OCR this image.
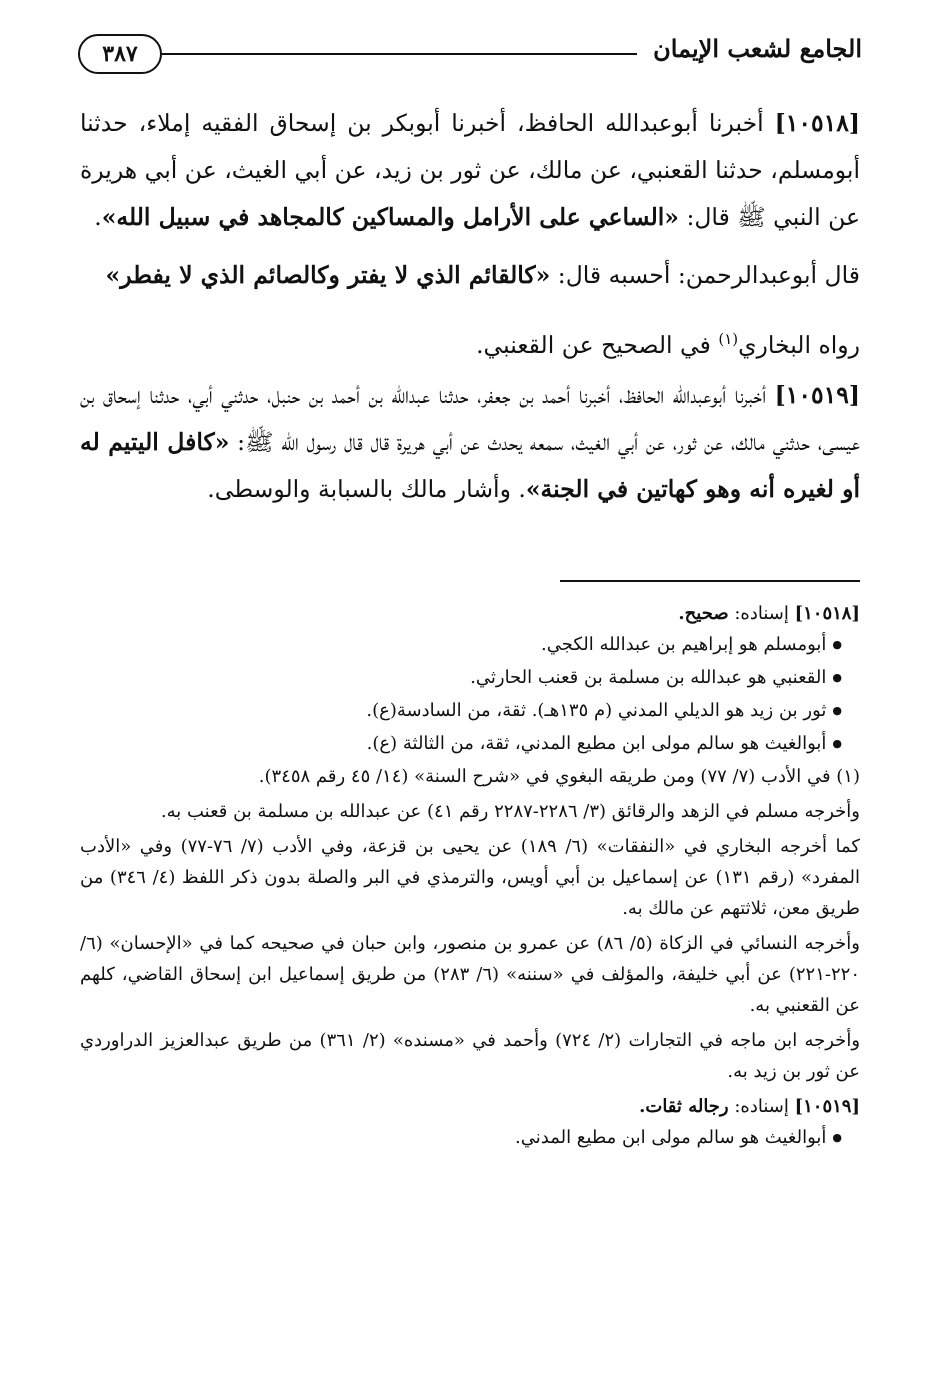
٣٨٧	الجامع لشعب الإيمان

[١٠٥١٨] أخبرنا أبوعبدالله الحافظ، أخبرنا أبوبكر بن إسحاق الفقيه إملاء، حدثنا أبومسلم، حدثنا القعنبي، عن مالك، عن ثور بن زيد، عن أبي الغيث، عن أبي هريرة عن النبي ﷺ قال: «الساعي على الأرامل والمساكين كالمجاهد في سبيل الله».

قال أبوعبدالرحمن: أحسبه قال: «كالقائم الذي لا يفتر وكالصائم الذي لا يفطر»

رواه البخاري$^{(١)}$ في الصحيح عن القعنبي.

[١٠٥١٩] أخبرنا أبوعبدالله الحافظ، أخبرنا أحمد بن جعفر، حدثنا عبدالله بن أحمد بن حنبل، حدثني أبي، حدثنا إسحاق بن عيسى، حدثني مالك، عن ثور، عن أبي الغيث، سمعه يحدث عن أبي هريرة قال قال رسول الله ﷺ: «كافل اليتيم له أو لغيره أنه وهو كهاتين في الجنة». وأشار مالك بالسبابة والوسطى.

[١٠٥١٨] إسناده: صحيح.

● أبومسلم هو إبراهيم بن عبدالله الكجي.

● القعنبي هو عبدالله بن مسلمة بن قعنب الحارثي.

● ثور بن زيد هو الديلي المدني (م ١٣٥هـ). ثقة، من السادسة(ع).

● أبوالغيث هو سالم مولى ابن مطيع المدني، ثقة، من الثالثة (ع).

(١) في الأدب (٧/ ٧٧) ومن طريقه البغوي في «شرح السنة» (١٤/ ٤٥ رقم ٣٤٥٨).

وأخرجه مسلم في الزهد والرقائق (٣/ ٢٢٨٦-٢٢٨٧ رقم ٤١) عن عبدالله بن مسلمة بن قعنب به.

كما أخرجه البخاري في «النفقات» (٦/ ١٨٩) عن يحيى بن قزعة، وفي الأدب (٧/ ٧٦-٧٧) وفي «الأدب المفرد» (رقم ١٣١) عن إسماعيل بن أبي أويس، والترمذي في البر والصلة بدون ذكر اللفظ (٤/ ٣٤٦) من طريق معن، ثلاثتهم عن مالك به.

وأخرجه النسائي في الزكاة (٥/ ٨٦) عن عمرو بن منصور، وابن حبان في صحيحه كما في «الإحسان» (٦/ ٢٢٠-٢٢١) عن أبي خليفة، والمؤلف في «سننه» (٦/ ٢٨٣) من طريق إسماعيل ابن إسحاق القاضي، كلهم عن القعنبي به.

وأخرجه ابن ماجه في التجارات (٢/ ٧٢٤) وأحمد في «مسنده» (٢/ ٣٦١) من طريق عبدالعزيز الدراوردي عن ثور بن زيد به.

[١٠٥١٩] إسناده: رجاله ثقات.

● أبوالغيث هو سالم مولى ابن مطيع المدني.
